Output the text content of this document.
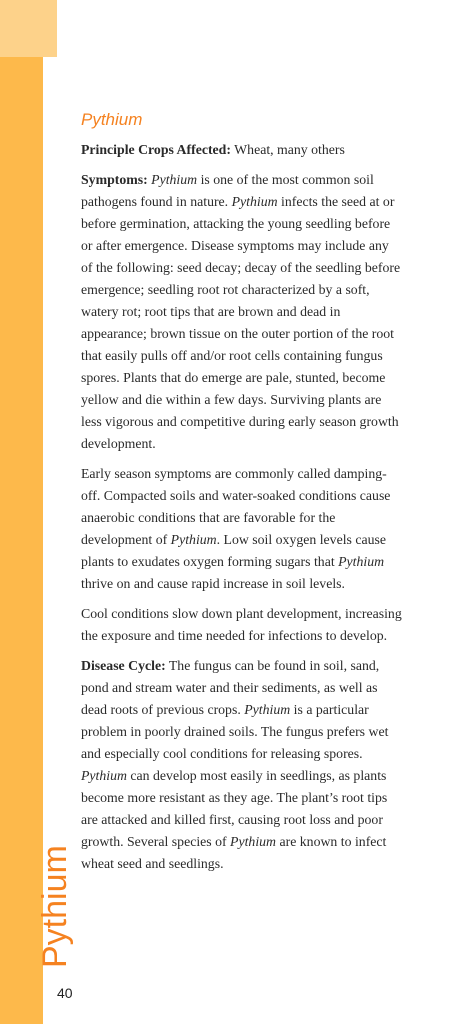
Pythium
40
Pythium

Principle Crops Affected: Wheat, many others

Symptoms: Pythium is one of the most common soil pathogens found in nature. Pythium infects the seed at or before germination, attacking the young seedling before or after emergence. Disease symptoms may include any of the following: seed decay; decay of the seedling before emergence; seedling root rot characterized by a soft, watery rot; root tips that are brown and dead in appearance; brown tissue on the outer portion of the root that easily pulls off and/or root cells containing fungus spores. Plants that do emerge are pale, stunted, become yellow and die within a few days. Surviving plants are less vigorous and competitive during early season growth development.

Early season symptoms are commonly called damping-off. Compacted soils and water-soaked conditions cause anaerobic conditions that are favorable for the development of Pythium. Low soil oxygen levels cause plants to exudates oxygen forming sugars that Pythium thrive on and cause rapid increase in soil levels.

Cool conditions slow down plant development, increasing the exposure and time needed for infections to develop.

Disease Cycle: The fungus can be found in soil, sand, pond and stream water and their sediments, as well as dead roots of previous crops. Pythium is a particular problem in poorly drained soils. The fungus prefers wet and especially cool conditions for releasing spores. Pythium can develop most easily in seedlings, as plants become more resistant as they age. The plant’s root tips are attacked and killed first, causing root loss and poor growth. Several species of Pythium are known to infect wheat seed and seedlings.
